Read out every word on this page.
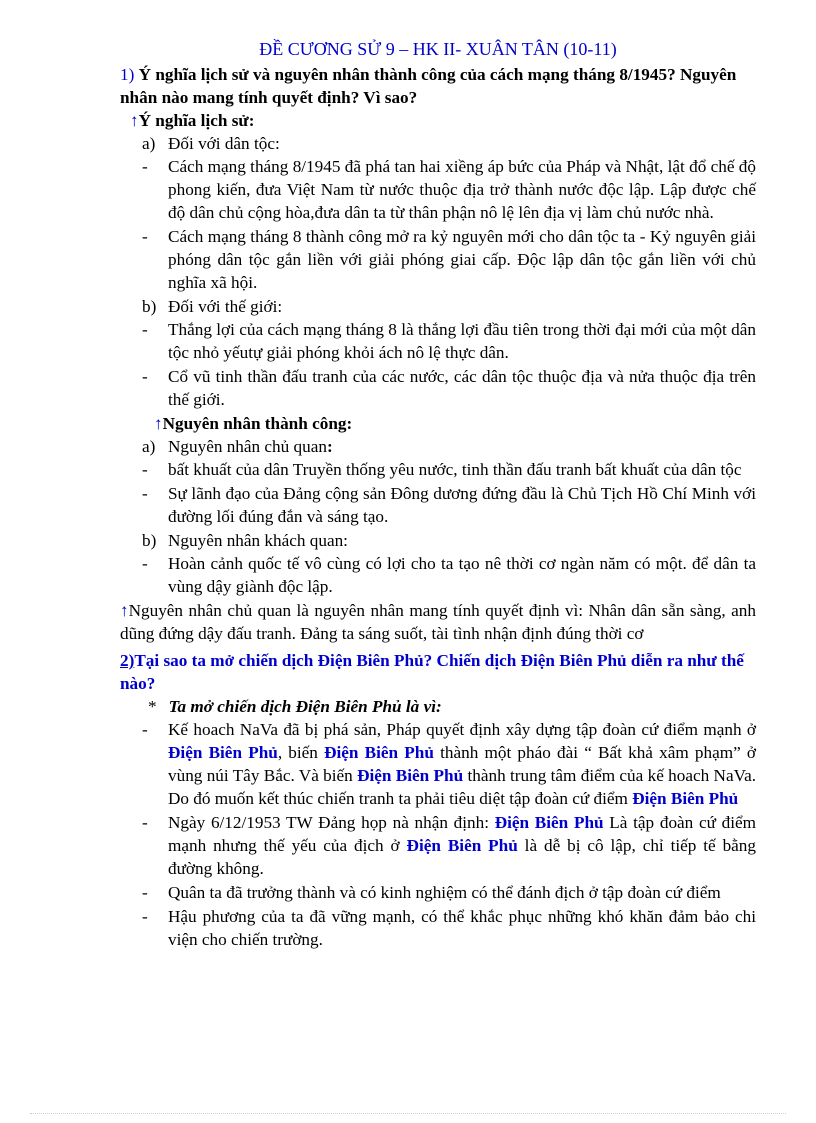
ĐỀ CƯƠNG SỬ 9 – HK II- XUÂN TÂN (10-11)

1) Ý nghĩa lịch sử và nguyên nhân thành công của cách mạng tháng 8/1945? Nguyên nhân nào mang tính quyết định? Vì sao?

↑Ý nghĩa lịch sử:

a) Đối với dân tộc:
- Cách mạng tháng 8/1945 đã phá tan hai xiềng áp bức của Pháp và Nhật, lật đổ chế độ phong kiến, đưa Việt Nam từ nước thuộc địa trở thành nước độc lập. Lập được chế độ dân chủ cộng hòa,đưa dân ta từ thân phận nô lệ lên địa vị làm chủ nước nhà.
- Cách mạng tháng 8 thành công mở ra kỷ nguyên mới cho dân tộc ta - Kỷ nguyên giải phóng dân tộc gắn liền với giải phóng giai cấp. Độc lập dân tộc gắn liền với chủ nghĩa xã hội.
b) Đối với thế giới:
- Thắng lợi của cách mạng tháng 8 là thắng lợi đầu tiên trong thời đại mới của một dân tộc nhỏ yếutự giải phóng khỏi ách nô lệ thực dân.
- Cổ vũ tinh thần đấu tranh của các nước, các dân tộc thuộc địa và nửa thuộc địa trên thế giới.

↑Nguyên nhân thành công:

a) Nguyên nhân chủ quan:
- bất khuất của dân Truyền thống yêu nước, tinh thần đấu tranh bất khuất của dân tộc
- Sự lãnh đạo của Đảng cộng sản Đông dương đứng đầu là Chủ Tịch Hồ Chí Minh với đường lối đúng đắn và sáng tạo.
b) Nguyên nhân khách quan:
- Hoàn cảnh quốc tế vô cùng có lợi cho ta tạo nê thời cơ ngàn năm có một. để dân ta vùng dậy giành độc lập.

↑Nguyên nhân chủ quan là nguyên nhân mang tính quyết định vì: Nhân dân sẵn sàng, anh dũng đứng dậy đấu tranh. Đảng ta sáng suốt, tài tình nhận định đúng thời cơ

2)Tại sao ta mở chiến dịch Điện Biên Phủ? Chiến dịch Điện Biên Phủ diễn ra như thế nào?

* Ta mở chiến dịch Điện Biên Phủ là vì:
- Kế hoach NaVa đã bị phá sản, Pháp quyết định xây dựng tập đoàn cứ điểm mạnh ở Điện Biên Phủ, biến Điện Biên Phủ thành một pháo đài “ Bất khả xâm phạm” ở vùng núi Tây Bắc. Và biến Điện Biên Phủ thành trung tâm điểm của kế hoach NaVa. Do đó muốn kết thúc chiến tranh ta phải tiêu diệt tập đoàn cứ điểm Điện Biên Phủ
- Ngày 6/12/1953 TW Đảng họp nà nhận định: Điện Biên Phủ Là tập đoàn cứ điểm mạnh nhưng thế yếu của địch ở Điện Biên Phủ là dễ bị cô lập, chỉ tiếp tế bằng đường không.
- Quân ta đã trưởng thành và có kinh nghiệm có thể đánh địch ở tập đoàn cứ điểm
- Hậu phương của ta đã vững mạnh, có thể khắc phục những khó khăn đảm bảo chi viện cho chiến trường.
